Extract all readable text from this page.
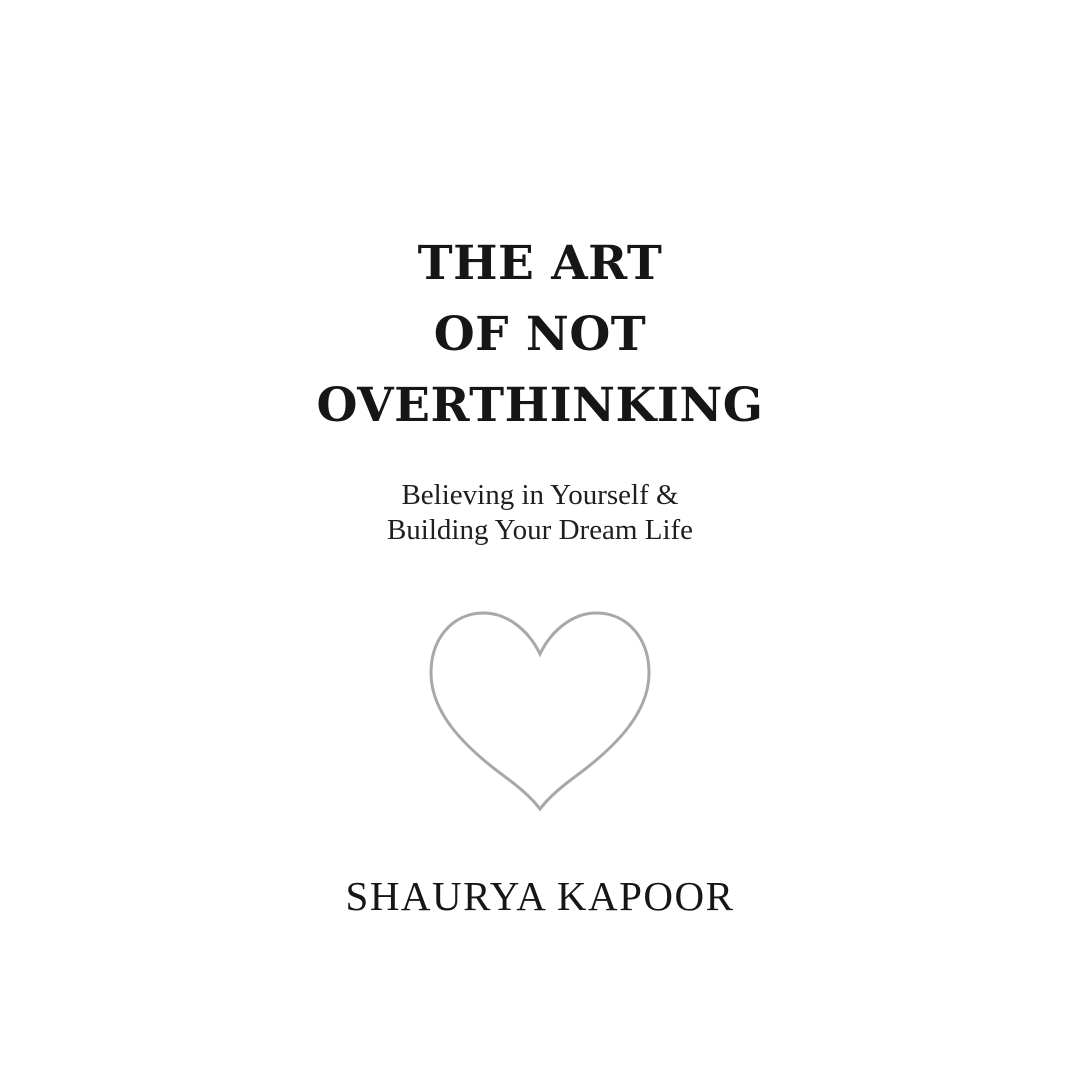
THE ART
OF NOT
OVERTHINKING
Believing in Yourself &
Building Your Dream Life
SHAURYA KAPOOR
